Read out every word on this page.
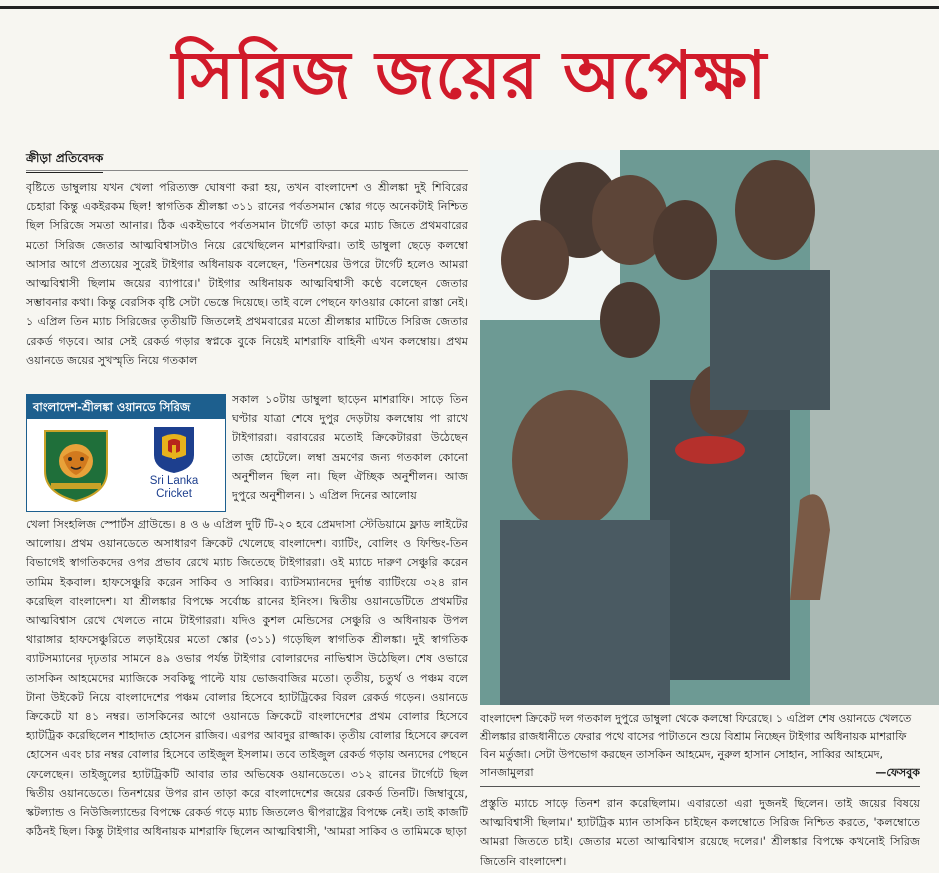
সিরিজ জয়ের অপেক্ষা
ক্রীড়া প্রতিবেদক

বৃষ্টিতে ডাম্বুলায় যখন খেলা পরিত্যক্ত ঘোষণা করা হয়, তখন বাংলাদেশ ও শ্রীলঙ্কা দুই শিবিরের চেহারা কিন্তু একইরকম ছিল! স্বাগতিক শ্রীলঙ্কা ৩১১ রানের পর্বতসমান স্কোর গড়ে অনেকটাই নিশ্চিত ছিল সিরিজে সমতা আনার। ঠিক একইভাবে পর্বতসমান টার্গেট তাড়া করে ম্যাচ জিতে প্রথমবারের মতো সিরিজ জেতার আত্মবিশ্বাসটাও নিয়ে রেখেছিলেন মাশরাফিরা। তাই ডাম্বুলা ছেড়ে কলম্বো আসার আগে প্রত্যয়ের সুরেই টাইগার অধিনায়ক বলেছেন, 'তিনশয়ের উপরে টার্গেট হলেও আমরা আত্মবিশ্বাসী ছিলাম জয়ের ব্যাপারে।' টাইগার অধিনায়ক আত্মবিশ্বাসী কণ্ঠে বলেছেন জেতার সম্ভাবনার কথা। কিন্তু বেরসিক বৃষ্টি সেটা ভেস্তে দিয়েছে। তাই বলে পেছনে ফাওয়ার কোনো রাস্তা নেই। ১ এপ্রিল তিন ম্যাচ সিরিজের তৃতীয়টি জিতলেই প্রথমবারের মতো শ্রীলঙ্কার মাটিতে সিরিজ জেতার রেকর্ড গড়বে। আর সেই রেকর্ড গড়ার স্বপ্নকে বুকে নিয়েই মাশরাফি বাহিনী এখন কলম্বোয়। প্রথম ওয়ানডে জয়ের সুখস্মৃতি নিয়ে গতকাল

বাংলাদেশ-শ্রীলঙ্কা ওয়ানডে সিরিজ
Sri Lanka
Cricket

সকাল ১০টায় ডাম্বুলা ছাড়েন মাশরাফি। সাড়ে তিন ঘণ্টার যাত্রা শেষে দুপুর দেড়টায় কলম্বোয় পা রাখে টাইগাররা। বরাবরের মতোই ক্রিকেটাররা উঠেছেন তাজ হোটেলে। লম্বা ভ্রমণের জন্য গতকাল কোনো অনুশীলন ছিল না। ছিল ঐচ্ছিক অনুশীলন। আজ দুপুরে অনুশীলন। ১ এপ্রিল দিনের আলোয়

খেলা সিংহলিজ স্পোর্টস গ্রাউন্ডে। ৪ ও ৬ এপ্রিল দুটি টি-২০ হবে প্রেমদাসা স্টেডিয়ামে ফ্লাড লাইটের আলোয়। প্রথম ওয়ানডেতে অসাধারণ ক্রিকেট খেলেছে বাংলাদেশ। ব্যাটিং, বোলিং ও ফিল্ডিং-তিন বিভাগেই স্বাগতিকদের ওপর প্রভাব রেখে ম্যাচ জিতেছে টাইগাররা। ওই ম্যাচে দারুণ সেঞ্চুরি করেন তামিম ইকবাল। হাফসেঞ্চুরি করেন সাকিব ও সাব্বির। ব্যাটসম্যানদের দুর্দান্ত ব্যাটিংয়ে ৩২৪ রান করেছিল বাংলাদেশ। যা শ্রীলঙ্কার বিপক্ষে সর্বোচ্চ রানের ইনিংস। দ্বিতীয় ওয়ানডেটিতে প্রথমটির আত্মবিশ্বাস রেখে খেলতে নামে টাইগাররা। যদিও কুশল মেন্ডিসের সেঞ্চুরি ও অধিনায়ক উপল থারাঙ্গার হাফসেঞ্চুরিতে লড়াইয়ের মতো স্কোর (৩১১) গড়েছিল স্বাগতিক শ্রীলঙ্কা। দুই স্বাগতিক ব্যাটসম্যানের দৃঢ়তার সামনে ৪৯ ওভার পর্যন্ত টাইগার বোলারদের নাভিশ্বাস উঠেছিল। শেষ ওভারে তাসকিন আহমেদের ম্যাজিকে সবকিছু পাল্টে যায় ভোজবাজির মতো। তৃতীয়, চতুর্থ ও পঞ্চম বলে টানা উইকেট নিয়ে বাংলাদেশের পঞ্চম বোলার হিসেবে হ্যাটট্রিকের বিরল রেকর্ড গড়েন। ওয়ানডে ক্রিকেটে যা ৪১ নম্বর। তাসকিনের আগে ওয়ানডে ক্রিকেটে বাংলাদেশের প্রথম বোলার হিসেবে হ্যাটট্রিক করেছিলেন শাহাদাত হোসেন রাজিব। এরপর আবদুর রাজ্জাক। তৃতীয় বোলার হিসেবে রুবেল হোসেন এবং চার নম্বর বোলার হিসেবে তাইজুল ইসলাম। তবে তাইজুল রেকর্ড গড়ায় অন্যদের পেছনে ফেলেছেন। তাইজুলের হ্যাটট্রিকটি আবার তার অভিষেক ওয়ানডেতে। ৩১২ রানের টার্গেটে ছিল দ্বিতীয় ওয়ানডেতে। তিনশয়ের উপর রান তাড়া করে বাংলাদেশের জয়ের রেকর্ড তিনটি। জিম্বাবুয়ে, স্কটল্যান্ড ও নিউজিল্যান্ডের বিপক্ষে রেকর্ড গড়ে ম্যাচ জিতলেও দ্বীপরাষ্ট্রের বিপক্ষে নেই। তাই কাজটি কঠিনই ছিল। কিন্তু টাইগার অধিনায়ক মাশরাফি ছিলেন আত্মবিশ্বাসী, 'আমরা সাকিব ও তামিমকে ছাড়া

বাংলাদেশ ক্রিকেট দল গতকাল দুপুরে ডাম্বুলা থেকে কলম্বো ফিরেছে। ১ এপ্রিল শেষ ওয়ানডে খেলতে শ্রীলঙ্কার রাজধানীতে ফেরার পথে বাসের পাটাতনে শুয়ে বিশ্রাম নিচ্ছেন টাইগার অধিনায়ক মাশরাফি বিন মর্তুজা। সেটা উপভোগ করছেন তাসকিন আহমেদ, নুরুল হাসান সোহান, সাব্বির আহমেদ, সানজামুলরা	—ফেসবুক

প্রস্তুতি ম্যাচে সাড়ে তিনশ রান করেছিলাম। এবারতো এরা দুজনই ছিলেন। তাই জয়ের বিষয়ে আত্মবিশ্বাসী ছিলাম।' হ্যাটট্রিক ম্যান তাসকিন চাইছেন কলম্বোতে সিরিজ নিশ্চিত করতে, 'কলম্বোতে আমরা জিততে চাই। জেতার মতো আত্মবিশ্বাস রয়েছে দলের।' শ্রীলঙ্কার বিপক্ষে কখনোই সিরিজ জিতেনি বাংলাদেশ।
